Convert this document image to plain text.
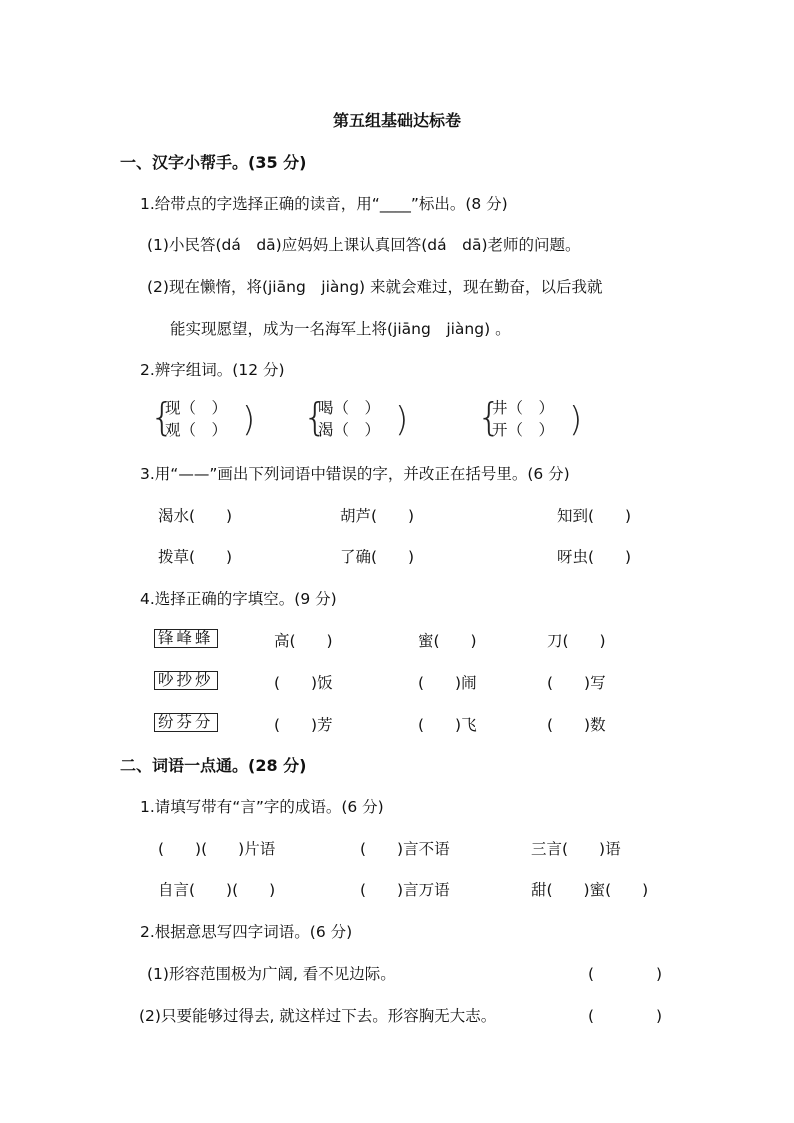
第五组基础达标卷
一、汉字小帮手。(35 分)
1.给带点的字选择正确的读音，用“____”标出。(8 分)
(1)小民答(dá　dā)应妈妈上课认真回答(dá　dā)老师的问题。
(2)现在懒惰，将(jiāng　jiàng) 来就会难过，现在勤奋，以后我就
能实现愿望，成为一名海军上将(jiāng　jiàng) 。
2.辨字组词。(12 分)
{
现（　）
观（　） ) {
喝（　）
渴（　） ) {
井（　）
开（　） )
3.用“——”画出下列词语中错误的字，并改正在括号里。(6 分)
渴水(　　)	胡芦(　　)	知到(　　)
拨草(　　)	了确(　　)	呀虫(　　)
4.选择正确的字填空。(9 分)
锋峰蜂	高(　　)	蜜(　　)	刀(　　)
吵抄炒	(　　)饭	(　　)闹	(　　)写
纷芬分	(　　)芳	(　　)飞	(　　)数
二、词语一点通。(28 分)
1.请填写带有“言”字的成语。(6 分)
(　　)(　　)片语	(　　)言不语	三言(　　)语
自言(　　)(　　)	(　　)言万语	甜(　　)蜜(　　)
2.根据意思写四字词语。(6 分)
(1)形容范围极为广阔, 看不见边际。	(　　　　)
(2)只要能够过得去, 就这样过下去。形容胸无大志。	(　　　　)
